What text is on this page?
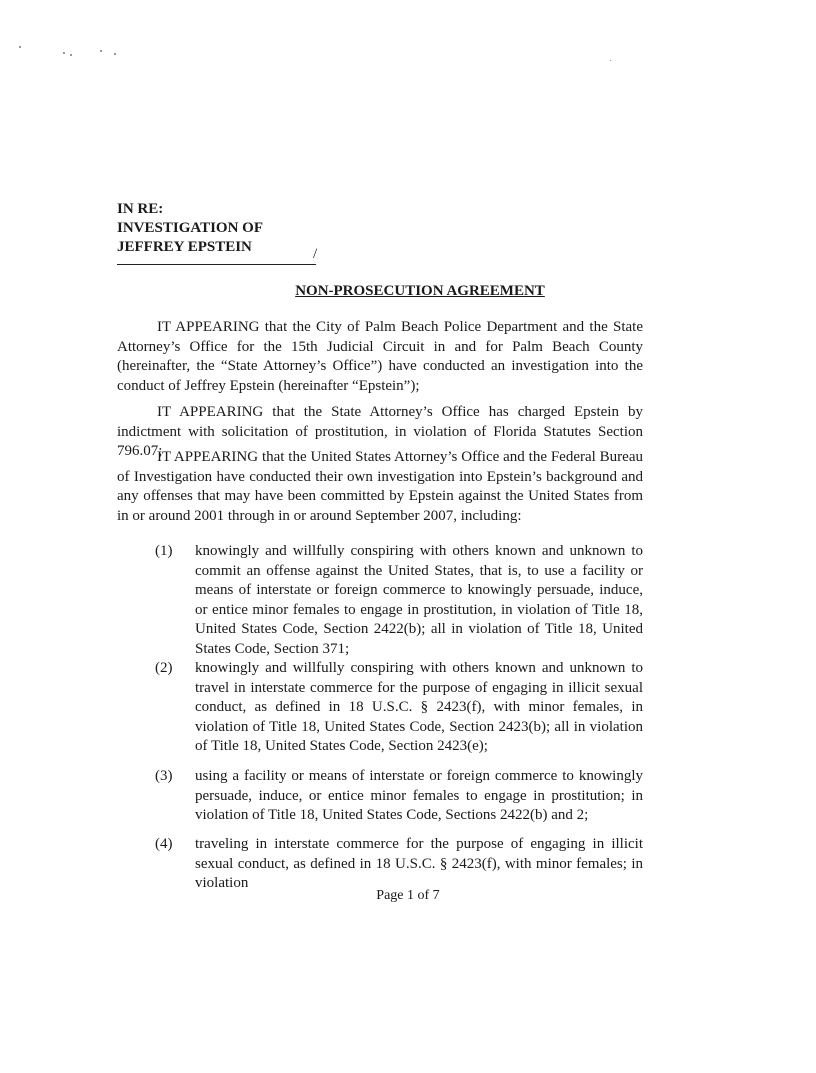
IN RE:
INVESTIGATION OF
JEFFREY EPSTEIN	/
NON-PROSECUTION AGREEMENT
IT APPEARING that the City of Palm Beach Police Department and the State Attorney’s Office for the 15th Judicial Circuit in and for Palm Beach County (hereinafter, the “State Attorney’s Office”) have conducted an investigation into the conduct of Jeffrey Epstein (hereinafter “Epstein”);
IT APPEARING that the State Attorney’s Office has charged Epstein by indictment with solicitation of prostitution, in violation of Florida Statutes Section 796.07;
IT APPEARING that the United States Attorney’s Office and the Federal Bureau of Investigation have conducted their own investigation into Epstein’s background and any offenses that may have been committed by Epstein against the United States from in or around 2001 through in or around September 2007, including:
(1) knowingly and willfully conspiring with others known and unknown to commit an offense against the United States, that is, to use a facility or means of interstate or foreign commerce to knowingly persuade, induce, or entice minor females to engage in prostitution, in violation of Title 18, United States Code, Section 2422(b); all in violation of Title 18, United States Code, Section 371;
(2) knowingly and willfully conspiring with others known and unknown to travel in interstate commerce for the purpose of engaging in illicit sexual conduct, as defined in 18 U.S.C. § 2423(f), with minor females, in violation of Title 18, United States Code, Section 2423(b); all in violation of Title 18, United States Code, Section 2423(e);
(3) using a facility or means of interstate or foreign commerce to knowingly persuade, induce, or entice minor females to engage in prostitution; in violation of Title 18, United States Code, Sections 2422(b) and 2;
(4) traveling in interstate commerce for the purpose of engaging in illicit sexual conduct, as defined in 18 U.S.C. § 2423(f), with minor females; in violation
Page 1 of 7
